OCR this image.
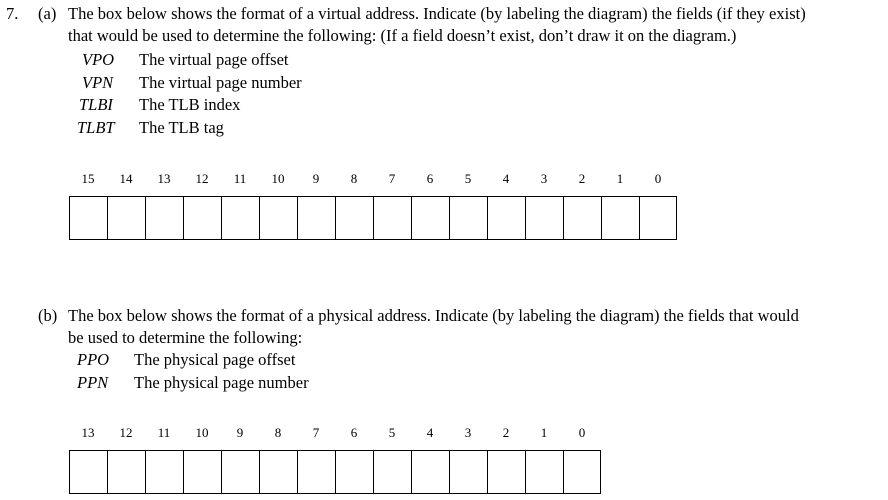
7. (a) The box below shows the format of a virtual address. Indicate (by labeling the diagram) the fields (if they exist)
that would be used to determine the following: (If a field doesn’t exist, don’t draw it on the diagram.)
VPO The virtual page offset
VPN The virtual page number
TLBI The TLB index
TLBT The TLB tag
15	14	13	12	11	10	9	8	7	6	5	4	3	2	1	0
(b) The box below shows the format of a physical address. Indicate (by labeling the diagram) the fields that would
be used to determine the following:
PPO The physical page offset
PPN The physical page number
13	12	11	10	9	8	7	6	5	4	3	2	1	0
